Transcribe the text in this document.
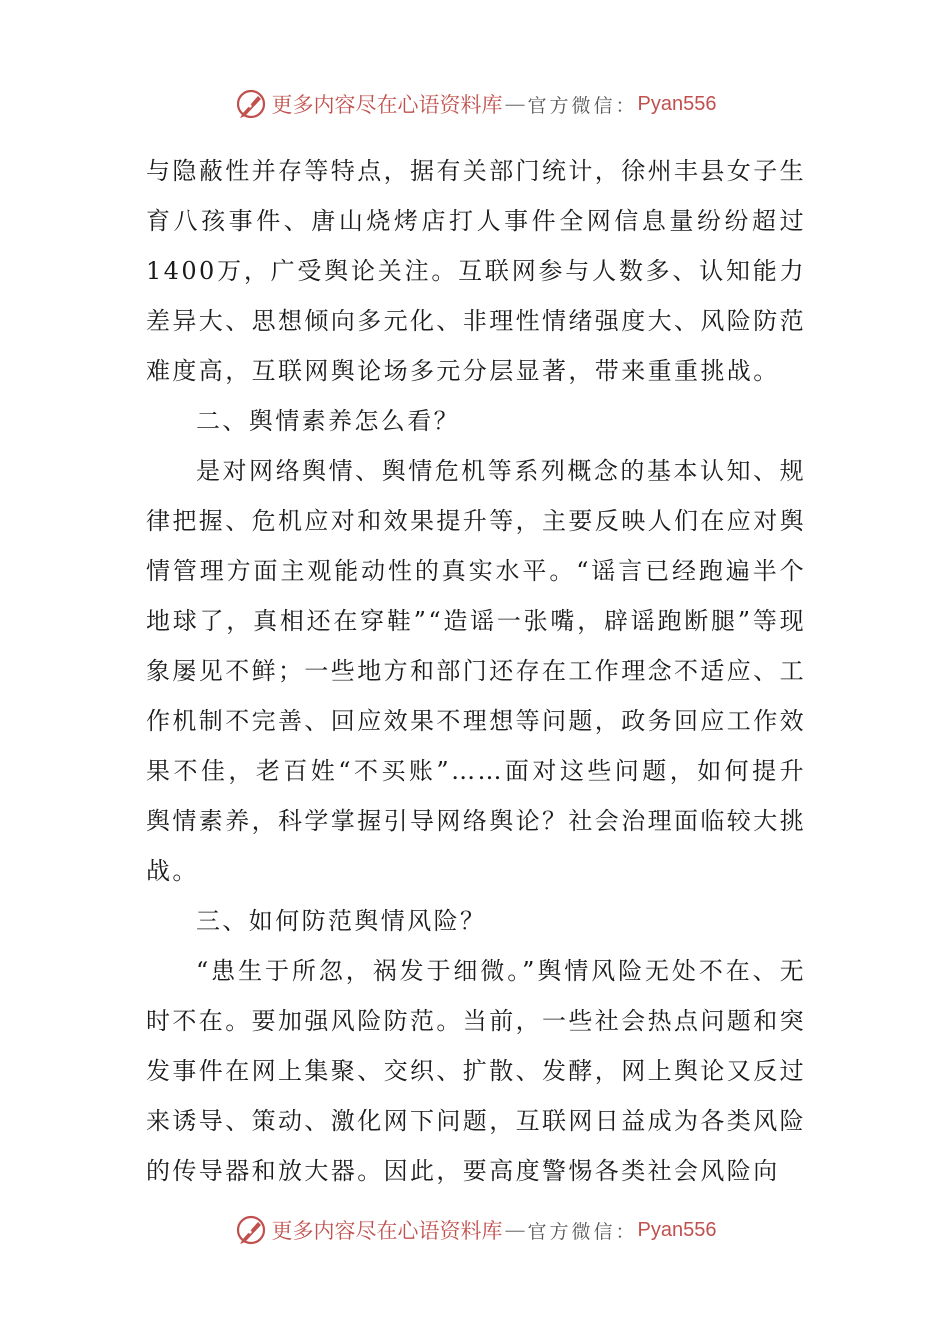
更多内容尽在心语资料库 — 官方微信： Pyan556

与隐蔽性并存等特点，据有关部门统计，徐州丰县女子生育八孩事件、唐山烧烤店打人事件全网信息量纷纷超过1400万，广受舆论关注。互联网参与人数多、认知能力差异大、思想倾向多元化、非理性情绪强度大、风险防范难度高，互联网舆论场多元分层显著，带来重重挑战。

二、舆情素养怎么看？

是对网络舆情、舆情危机等系列概念的基本认知、规律把握、危机应对和效果提升等，主要反映人们在应对舆情管理方面主观能动性的真实水平。“谣言已经跑遍半个地球了，真相还在穿鞋”“造谣一张嘴，辟谣跑断腿”等现象屡见不鲜；一些地方和部门还存在工作理念不适应、工作机制不完善、回应效果不理想等问题，政务回应工作效果不佳，老百姓“不买账”……面对这些问题，如何提升舆情素养，科学掌握引导网络舆论？社会治理面临较大挑战。

三、如何防范舆情风险？

“患生于所忽，祸发于细微。”舆情风险无处不在、无时不在。要加强风险防范。当前，一些社会热点问题和突发事件在网上集聚、交织、扩散、发酵，网上舆论又反过来诱导、策动、激化网下问题，互联网日益成为各类风险的传导器和放大器。因此，要高度警惕各类社会风险向

更多内容尽在心语资料库 — 官方微信： Pyan556
